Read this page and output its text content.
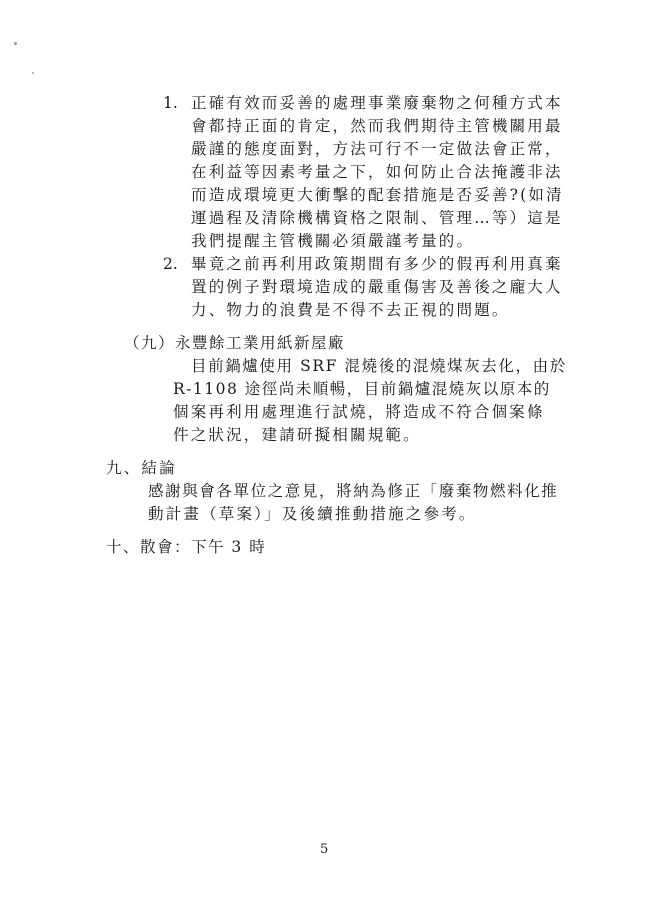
1. 正確有效而妥善的處理事業廢棄物之何種方式本
會都持正面的肯定，然而我們期待主管機關用最
嚴謹的態度面對，方法可行不一定做法會正常，
在利益等因素考量之下，如何防止合法掩護非法
而造成環境更大衝擊的配套措施是否妥善?(如清
運過程及清除機構資格之限制、管理…等）這是
我們提醒主管機關必須嚴謹考量的。
2. 畢竟之前再利用政策期間有多少的假再利用真棄
置的例子對環境造成的嚴重傷害及善後之龐大人
力、物力的浪費是不得不去正視的問題。
（九）永豐餘工業用紙新屋廠
目前鍋爐使用 SRF 混燒後的混燒煤灰去化，由於
R-1108 途徑尚未順暢，目前鍋爐混燒灰以原本的
個案再利用處理進行試燒，將造成不符合個案條
件之狀況，建請研擬相關規範。
九、結論
感謝與會各單位之意見，將納為修正「廢棄物燃料化推
動計畫（草案）」及後續推動措施之參考。
十、散會：下午 3 時
5
